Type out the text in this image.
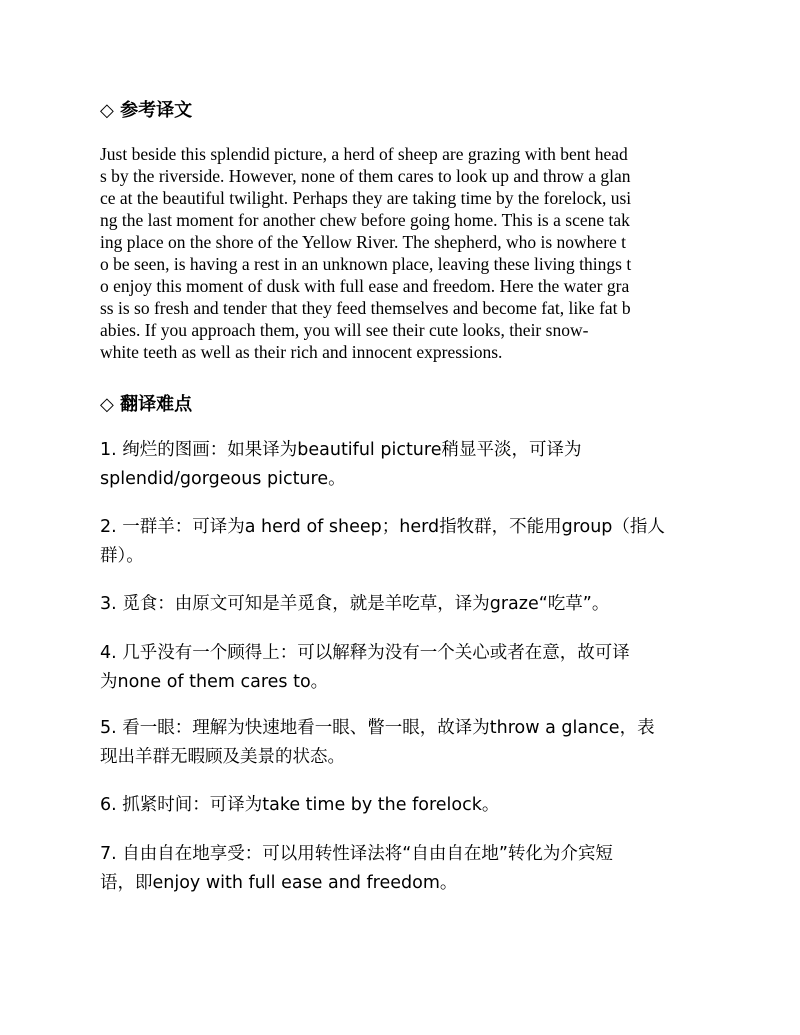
◇ 参考译文
Just beside this splendid picture, a herd of sheep are grazing with bent head
s by the riverside. However, none of them cares to look up and throw a glan
ce at the beautiful twilight. Perhaps they are taking time by the forelock, usi
ng the last moment for another chew before going home. This is a scene tak
ing place on the shore of the Yellow River. The shepherd, who is nowhere t
o be seen, is having a rest in an unknown place, leaving these living things t
o enjoy this moment of dusk with full ease and freedom. Here the water gra
ss is so fresh and tender that they feed themselves and become fat, like fat b
abies. If you approach them, you will see their cute looks, their snow-
white teeth as well as their rich and innocent expressions.
◇ 翻译难点
1. 绚烂的图画：如果译为beautiful picture稍显平淡，可译为
splendid/gorgeous picture。
2. 一群羊：可译为a herd of sheep；herd指牧群，不能用group（指人
群）。
3. 觅食：由原文可知是羊觅食，就是羊吃草，译为graze“吃草”。
4. 几乎没有一个顾得上：可以解释为没有一个关心或者在意，故可译
为none of them cares to。
5. 看一眼：理解为快速地看一眼、瞥一眼，故译为throw a glance，表
现出羊群无暇顾及美景的状态。
6. 抓紧时间：可译为take time by the forelock。
7. 自由自在地享受：可以用转性译法将“自由自在地”转化为介宾短
语，即enjoy with full ease and freedom。
